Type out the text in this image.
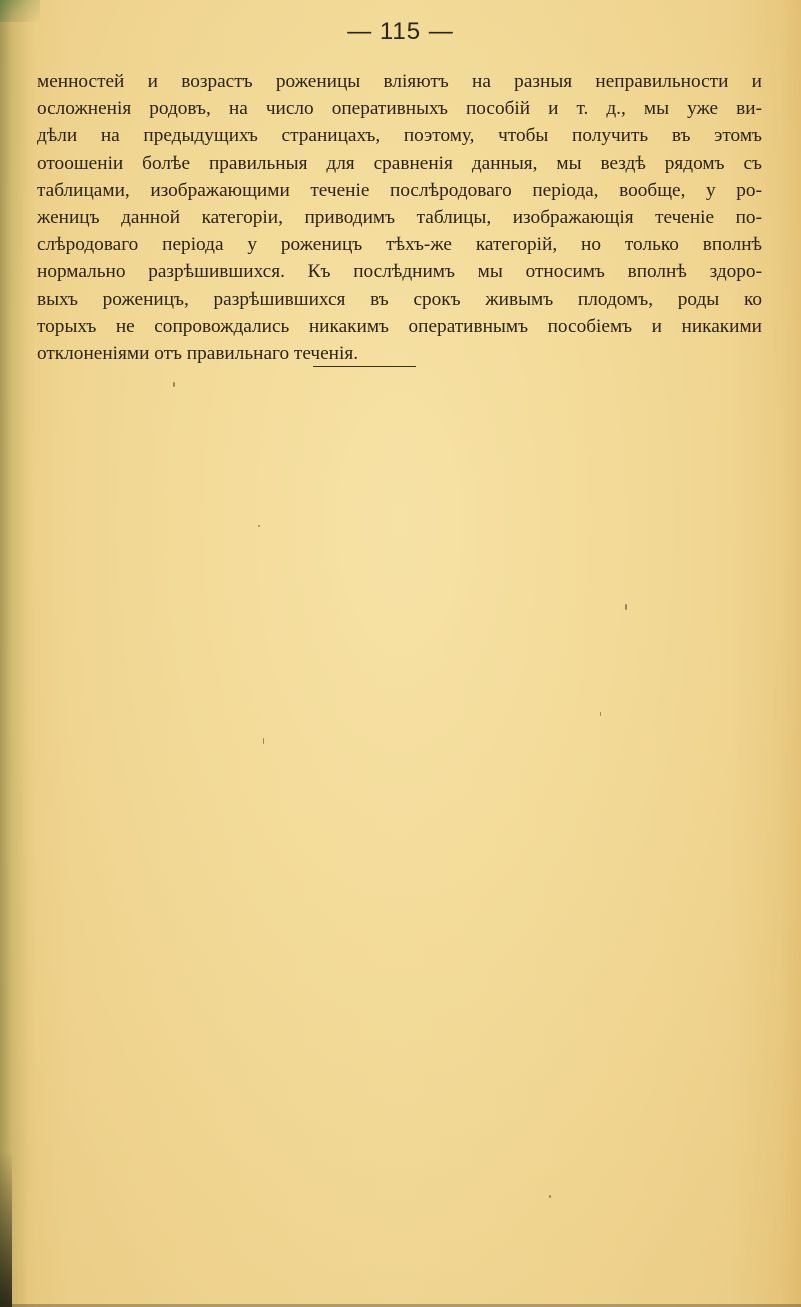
— 115 —
менностей и возрастъ роженицы вліяютъ на разныя неправильности и
осложненія родовъ, на число оперативныхъ пособій и т. д., мы уже ви-
дѣли на предыдущихъ страницахъ, поэтому, чтобы получить въ этомъ
отоошеніи болѣе правильныя для сравненія данныя, мы вездѣ рядомъ съ
таблицами, изображающими теченіе послѣродоваго періода, вообще, у ро-
женицъ данной категоріи, приводимъ таблицы, изображающія теченіе по-
слѣродоваго періода у роженицъ тѣхъ-же категорій, но только вполнѣ
нормально разрѣшившихся. Къ послѣднимъ мы относимъ вполнѣ здоро-
выхъ роженицъ, разрѣшившихся въ срокъ живымъ плодомъ, роды ко
торыхъ не сопровождались никакимъ оперативнымъ пособіемъ и никакими
отклоненіями отъ правильнаго теченія.
